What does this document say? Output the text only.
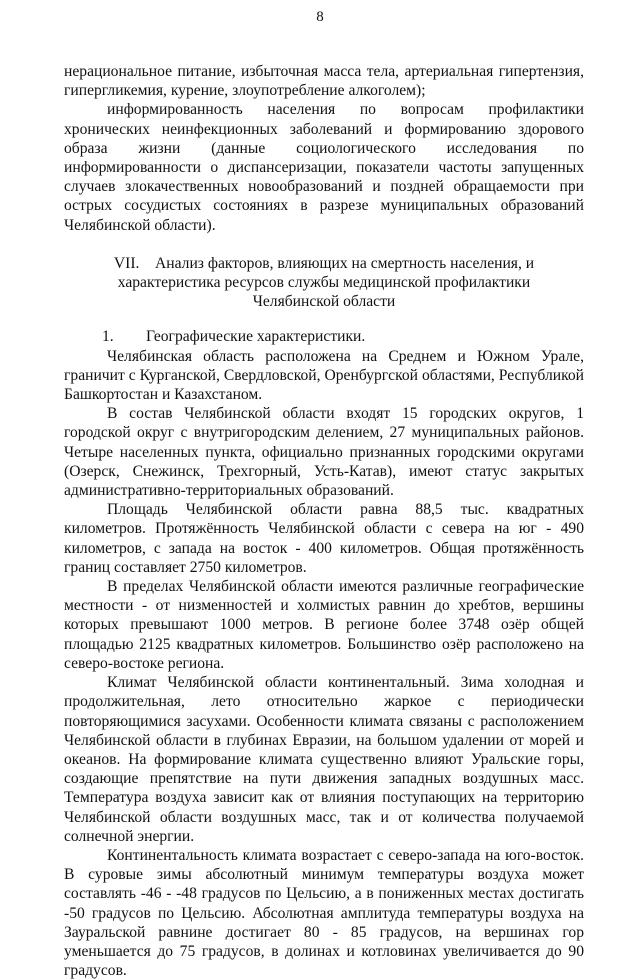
8

нерациональное питание, избыточная масса тела, артериальная гипертензия, гипергликемия, курение, злоупотребление алкоголем);

информированность населения по вопросам профилактики хронических неинфекционных заболеваний и формированию здорового образа жизни (данные социологического исследования по информированности о диспансеризации, показатели частоты запущенных случаев злокачественных новообразований и поздней обращаемости при острых сосудистых состояниях в разрезе муниципальных образований Челябинской области).

VII.    Анализ факторов, влияющих на смертность населения, и

характеристика ресурсов службы медицинской профилактики

Челябинской области

1. Географические характеристики.

Челябинская область расположена на Среднем и Южном Урале, граничит с Курганской, Свердловской, Оренбургской областями, Республикой Башкортостан и Казахстаном.

В состав Челябинской области входят 15 городских округов, 1 городской округ с внутригородским делением, 27 муниципальных районов. Четыре населенных пункта, официально признанных городскими округами (Озерск, Снежинск, Трехгорный, Усть-Катав), имеют статус закрытых административно-территориальных образований.

Площадь Челябинской области равна 88,5 тыс. квадратных километров. Протяжённость Челябинской области с севера на юг - 490 километров, с запада на восток - 400 километров. Общая протяжённость границ составляет 2750 километров.

В пределах Челябинской области имеются различные географические местности - от низменностей и холмистых равнин до хребтов, вершины которых превышают 1000 метров. В регионе более 3748 озёр общей площадью 2125 квадратных километров. Большинство озёр расположено на северо-востоке региона.

Климат Челябинской области континентальный. Зима холодная и продолжительная, лето относительно жаркое с периодически повторяющимися засухами. Особенности климата связаны с расположением Челябинской области в глубинах Евразии, на большом удалении от морей и океанов. На формирование климата существенно влияют Уральские горы, создающие препятствие на пути движения западных воздушных масс. Температура воздуха зависит как от влияния поступающих на территорию Челябинской области воздушных масс, так и от количества получаемой солнечной энергии.

Континентальность климата возрастает с северо-запада на юго-восток. В суровые зимы абсолютный минимум температуры воздуха может составлять -46 - -48 градусов по Цельсию, а в пониженных местах достигать -50 градусов по Цельсию. Абсолютная амплитуда температуры воздуха на Зауральской равнине достигает 80 - 85 градусов, на вершинах гор уменьшается до 75 градусов, в долинах и котловинах увеличивается до 90 градусов.
